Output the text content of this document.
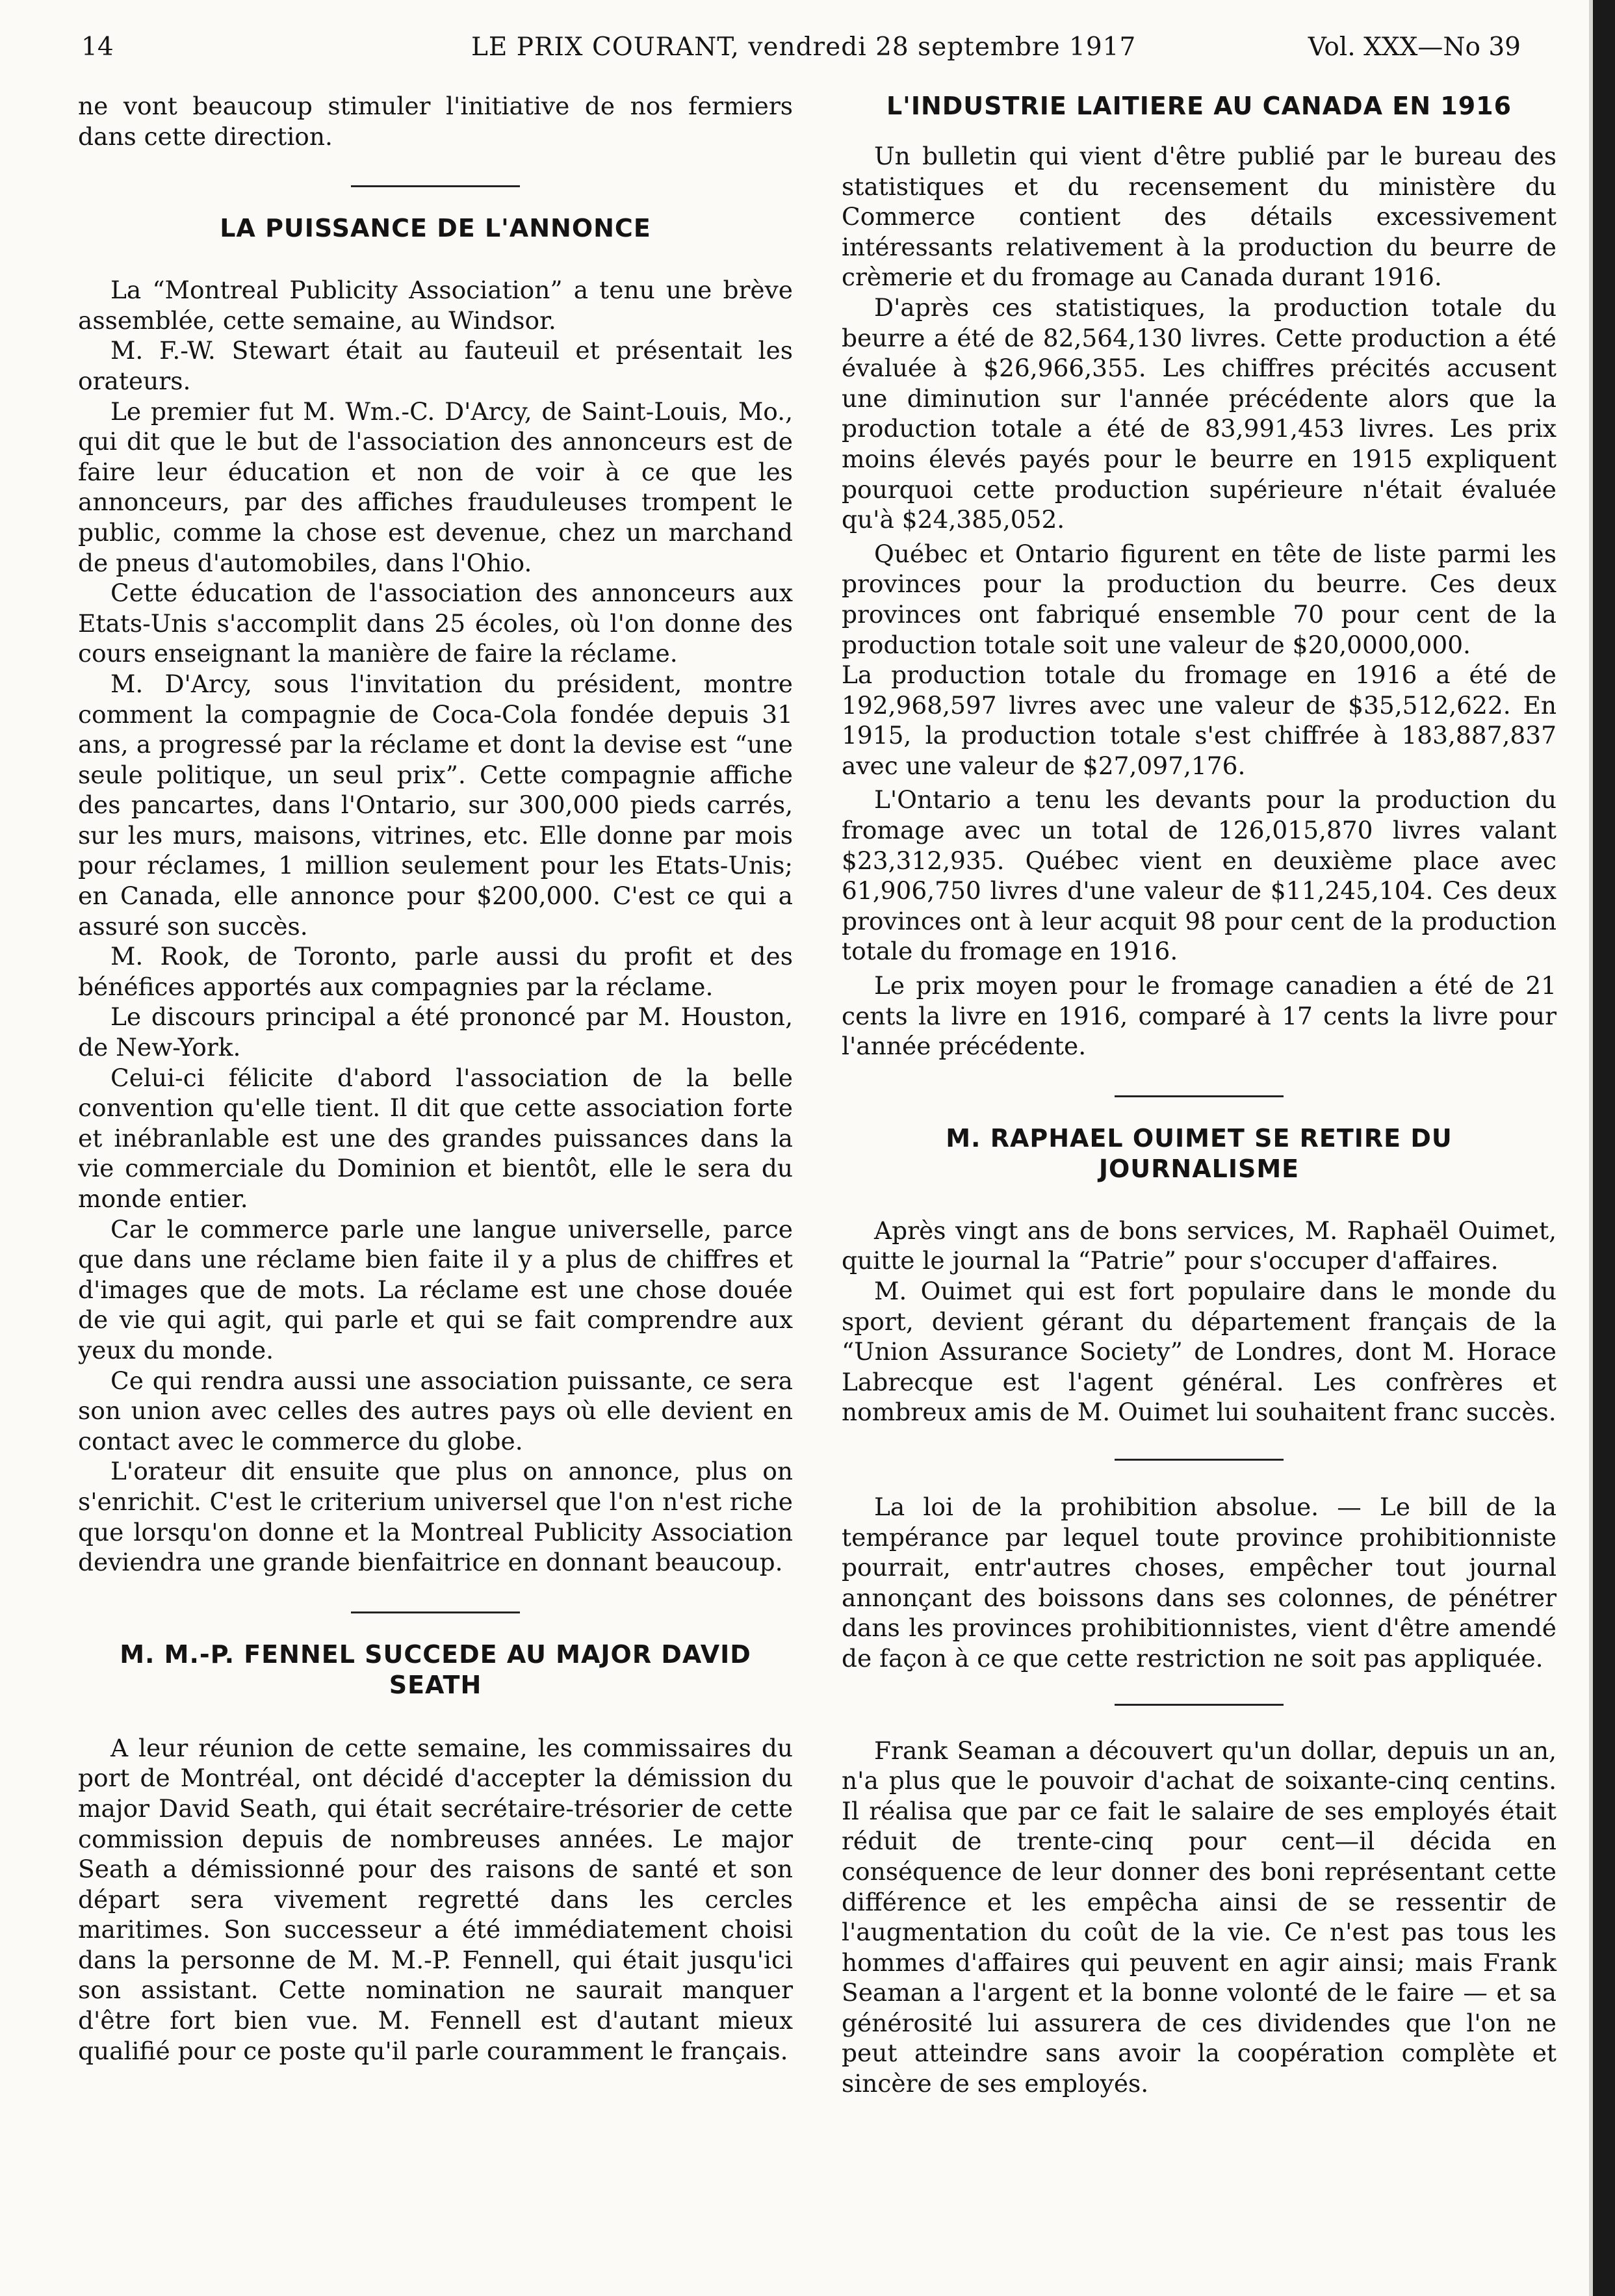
14	LE PRIX COURANT, vendredi 28 septembre 1917	Vol. XXX—No 39

ne vont beaucoup stimuler l'initiative de nos fermiers dans cette direction.

LA PUISSANCE DE L'ANNONCE

La “Montreal Publicity Association” a tenu une brève assemblée, cette semaine, au Windsor.

M. F.-W. Stewart était au fauteuil et présentait les orateurs.

Le premier fut M. Wm.-C. D'Arcy, de Saint-Louis, Mo., qui dit que le but de l'association des annonceurs est de faire leur éducation et non de voir à ce que les annonceurs, par des affiches frauduleuses trompent le public, comme la chose est devenue, chez un marchand de pneus d'automobiles, dans l'Ohio.

Cette éducation de l'association des annonceurs aux Etats-Unis s'accomplit dans 25 écoles, où l'on donne des cours enseignant la manière de faire la réclame.

M. D'Arcy, sous l'invitation du président, montre comment la compagnie de Coca-Cola fondée depuis 31 ans, a progressé par la réclame et dont la devise est “une seule politique, un seul prix”. Cette compagnie affiche des pancartes, dans l'Ontario, sur 300,000 pieds carrés, sur les murs, maisons, vitrines, etc. Elle donne par mois pour réclames, 1 million seulement pour les Etats-Unis; en Canada, elle annonce pour $200,000. C'est ce qui a assuré son succès.

M. Rook, de Toronto, parle aussi du profit et des bénéfices apportés aux compagnies par la réclame.

Le discours principal a été prononcé par M. Houston, de New-York.

Celui-ci félicite d'abord l'association de la belle convention qu'elle tient. Il dit que cette association forte et inébranlable est une des grandes puissances dans la vie commerciale du Dominion et bientôt, elle le sera du monde entier.

Car le commerce parle une langue universelle, parce que dans une réclame bien faite il y a plus de chiffres et d'images que de mots. La réclame est une chose douée de vie qui agit, qui parle et qui se fait comprendre aux yeux du monde.

Ce qui rendra aussi une association puissante, ce sera son union avec celles des autres pays où elle devient en contact avec le commerce du globe.

L'orateur dit ensuite que plus on annonce, plus on s'enrichit. C'est le criterium universel que l'on n'est riche que lorsqu'on donne et la Montreal Publicity Association deviendra une grande bienfaitrice en donnant beaucoup.

M. M.-P. FENNEL SUCCEDE AU MAJOR DAVID SEATH

A leur réunion de cette semaine, les commissaires du port de Montréal, ont décidé d'accepter la démission du major David Seath, qui était secrétaire-trésorier de cette commission depuis de nombreuses années. Le major Seath a démissionné pour des raisons de santé et son départ sera vivement regretté dans les cercles maritimes. Son successeur a été immédiatement choisi dans la personne de M. M.-P. Fennell, qui était jusqu'ici son assistant. Cette nomination ne saurait manquer d'être fort bien vue. M. Fennell est d'autant mieux qualifié pour ce poste qu'il parle couramment le français.

L'INDUSTRIE LAITIERE AU CANADA EN 1916

Un bulletin qui vient d'être publié par le bureau des statistiques et du recensement du ministère du Commerce contient des détails excessivement intéressants relativement à la production du beurre de crèmerie et du fromage au Canada durant 1916.

D'après ces statistiques, la production totale du beurre a été de 82,564,130 livres. Cette production a été évaluée à $26,966,355. Les chiffres précités accusent une diminution sur l'année précédente alors que la production totale a été de 83,991,453 livres. Les prix moins élevés payés pour le beurre en 1915 expliquent pourquoi cette production supérieure n'était évaluée qu'à $24,385,052.

Québec et Ontario figurent en tête de liste parmi les provinces pour la production du beurre. Ces deux provinces ont fabriqué ensemble 70 pour cent de la production totale soit une valeur de $20,0000,000.

La production totale du fromage en 1916 a été de 192,968,597 livres avec une valeur de $35,512,622. En 1915, la production totale s'est chiffrée à 183,887,837 avec une valeur de $27,097,176.

L'Ontario a tenu les devants pour la production du fromage avec un total de 126,015,870 livres valant $23,312,935. Québec vient en deuxième place avec 61,906,750 livres d'une valeur de $11,245,104. Ces deux provinces ont à leur acquit 98 pour cent de la production totale du fromage en 1916.

Le prix moyen pour le fromage canadien a été de 21 cents la livre en 1916, comparé à 17 cents la livre pour l'année précédente.

M. RAPHAEL OUIMET SE RETIRE DU JOURNALISME

Après vingt ans de bons services, M. Raphaël Ouimet, quitte le journal la “Patrie” pour s'occuper d'affaires.

M. Ouimet qui est fort populaire dans le monde du sport, devient gérant du département français de la “Union Assurance Society” de Londres, dont M. Horace Labrecque est l'agent général. Les confrères et nombreux amis de M. Ouimet lui souhaitent franc succès.

La loi de la prohibition absolue. — Le bill de la tempérance par lequel toute province prohibitionniste pourrait, entr'autres choses, empêcher tout journal annonçant des boissons dans ses colonnes, de pénétrer dans les provinces prohibitionnistes, vient d'être amendé de façon à ce que cette restriction ne soit pas appliquée.

Frank Seaman a découvert qu'un dollar, depuis un an, n'a plus que le pouvoir d'achat de soixante-cinq centins. Il réalisa que par ce fait le salaire de ses employés était réduit de trente-cinq pour cent—il décida en conséquence de leur donner des boni représentant cette différence et les empêcha ainsi de se ressentir de l'augmentation du coût de la vie. Ce n'est pas tous les hommes d'affaires qui peuvent en agir ainsi; mais Frank Seaman a l'argent et la bonne volonté de le faire — et sa générosité lui assurera de ces dividendes que l'on ne peut atteindre sans avoir la coopération complète et sincère de ses employés.
